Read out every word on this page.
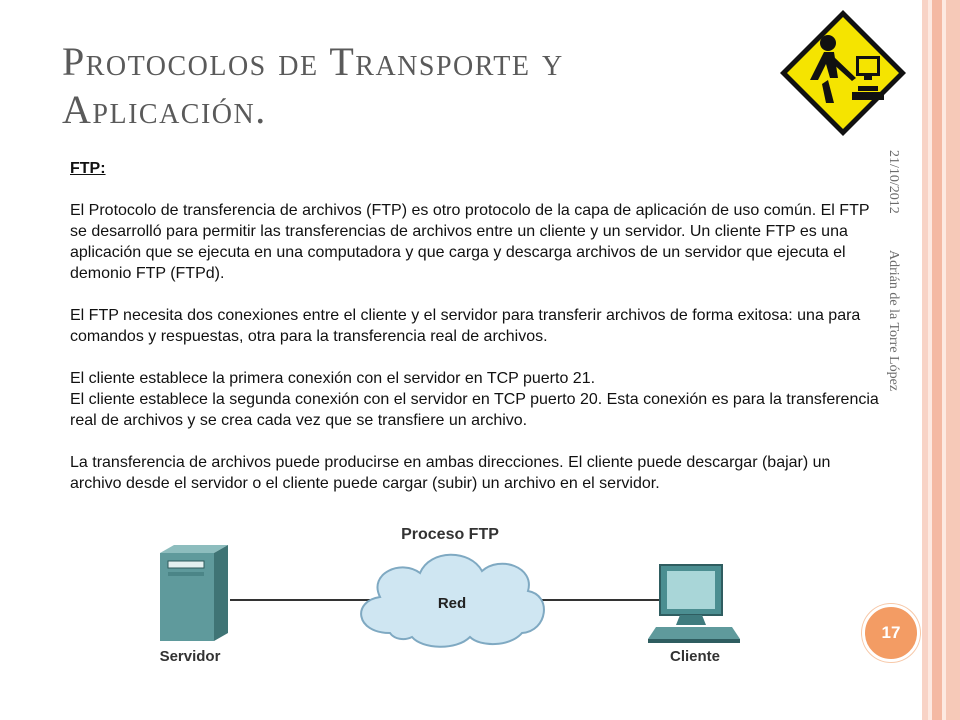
Protocolos de Transporte y
Aplicación.
21/10/2012
Adrián de la Torre López

FTP:

El Protocolo de transferencia de archivos (FTP) es otro protocolo de la capa de aplicación de uso común. El FTP se desarrolló para permitir las transferencias de archivos entre un cliente y un servidor. Un cliente FTP es una aplicación que se ejecuta en una computadora y que carga y descarga archivos de un servidor que ejecuta el demonio FTP (FTPd).

El FTP necesita dos conexiones entre el cliente y el servidor para transferir archivos de forma exitosa: una para comandos y respuestas, otra para la transferencia real de archivos.

El cliente establece la primera conexión con el servidor en TCP puerto 21.

El cliente establece la segunda conexión con el servidor en TCP puerto 20. Esta conexión es para la transferencia real de archivos y se crea cada vez que se transfiere un archivo.

La transferencia de archivos puede producirse en ambas direcciones. El cliente puede descargar (bajar) un archivo desde el servidor o el cliente puede cargar (subir) un archivo en el servidor.

Proceso FTP
Red
Servidor	Cliente
17
